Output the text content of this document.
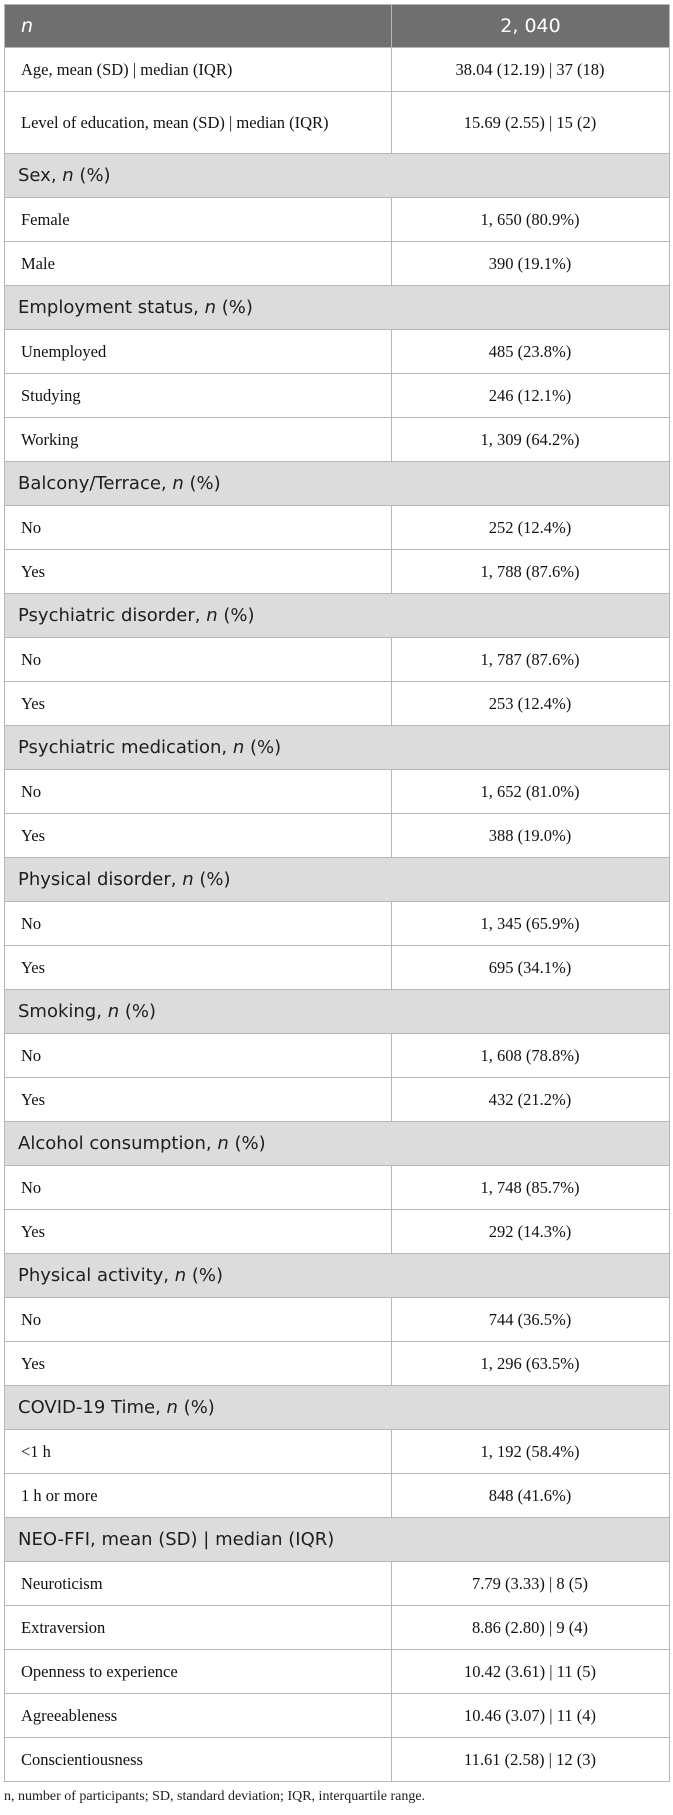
n	2, 040
Age, mean (SD) | median (IQR)	38.04 (12.19) | 37 (18)
Level of education, mean (SD) | median (IQR)	15.69 (2.55) | 15 (2)
Sex, n (%)	
Female	1, 650 (80.9%)
Male	390 (19.1%)
Employment status, n (%)	
Unemployed	485 (23.8%)
Studying	246 (12.1%)
Working	1, 309 (64.2%)
Balcony/Terrace, n (%)	
No	252 (12.4%)
Yes	1, 788 (87.6%)
Psychiatric disorder, n (%)	
No	1, 787 (87.6%)
Yes	253 (12.4%)
Psychiatric medication, n (%)	
No	1, 652 (81.0%)
Yes	388 (19.0%)
Physical disorder, n (%)	
No	1, 345 (65.9%)
Yes	695 (34.1%)
Smoking, n (%)	
No	1, 608 (78.8%)
Yes	432 (21.2%)
Alcohol consumption, n (%)	
No	1, 748 (85.7%)
Yes	292 (14.3%)
Physical activity, n (%)	
No	744 (36.5%)
Yes	1, 296 (63.5%)
COVID-19 Time, n (%)	
<1 h	1, 192 (58.4%)
1 h or more	848 (41.6%)
NEO-FFI, mean (SD) | median (IQR)	
Neuroticism	7.79 (3.33) | 8 (5)
Extraversion	8.86 (2.80) | 9 (4)
Openness to experience	10.42 (3.61) | 11 (5)
Agreeableness	10.46 (3.07) | 11 (4)
Conscientiousness	11.61 (2.58) | 12 (3)
n, number of participants; SD, standard deviation; IQR, interquartile range.
